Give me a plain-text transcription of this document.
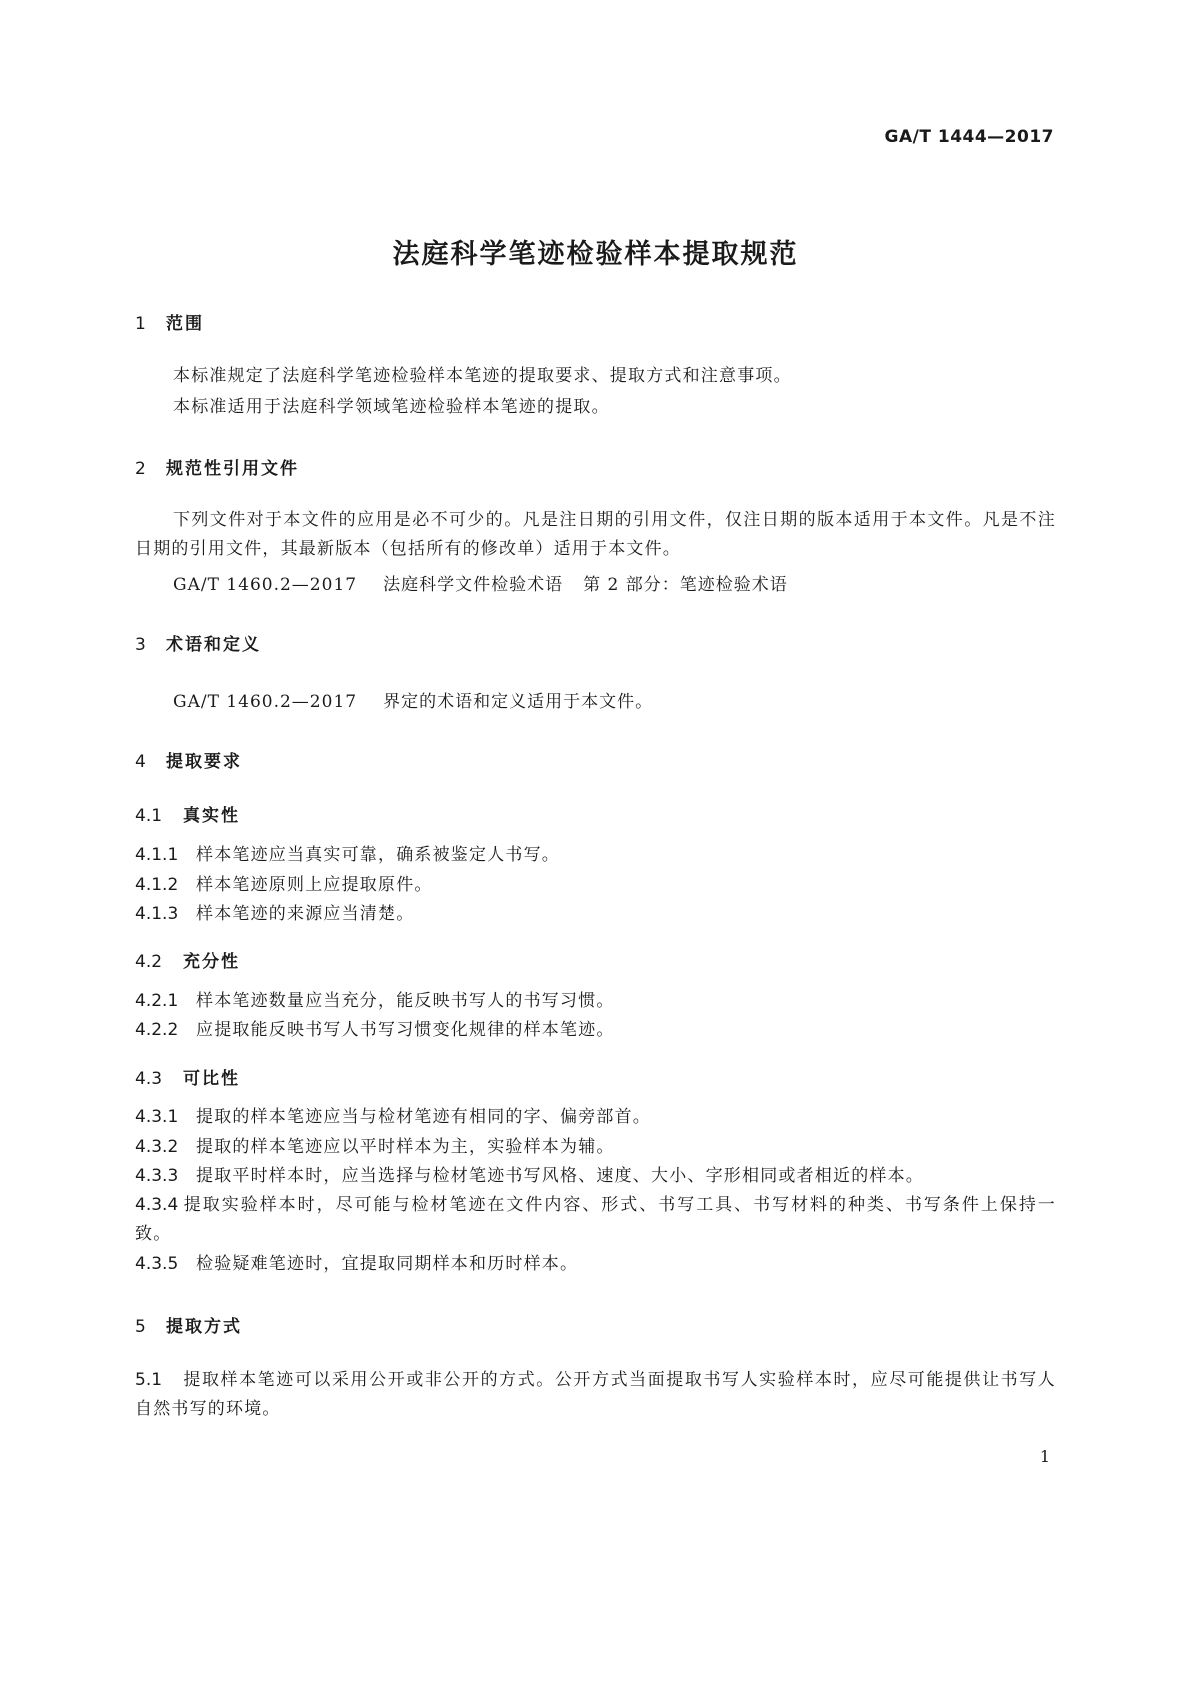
GA/T 1444—2017
法庭科学笔迹检验样本提取规范
1 范围

本标准规定了法庭科学笔迹检验样本笔迹的提取要求、提取方式和注意事项。

本标准适用于法庭科学领域笔迹检验样本笔迹的提取。

2 规范性引用文件

下列文件对于本文件的应用是必不可少的。凡是注日期的引用文件，仅注日期的版本适用于本文件。凡是不注日期的引用文件，其最新版本（包括所有的修改单）适用于本文件。

GA/T 1460.2—2017 法庭科学文件检验术语 第 2 部分：笔迹检验术语
3 术语和定义
GA/T 1460.2—2017 界定的术语和定义适用于本文件。
4 提取要求
4.1 真实性

4.1.1 样本笔迹应当真实可靠，确系被鉴定人书写。

4.1.2 样本笔迹原则上应提取原件。

4.1.3 样本笔迹的来源应当清楚。

4.2 充分性

4.2.1 样本笔迹数量应当充分，能反映书写人的书写习惯。

4.2.2 应提取能反映书写人书写习惯变化规律的样本笔迹。

4.3 可比性

4.3.1 提取的样本笔迹应当与检材笔迹有相同的字、偏旁部首。

4.3.2 提取的样本笔迹应以平时样本为主，实验样本为辅。

4.3.3 提取平时样本时，应当选择与检材笔迹书写风格、速度、大小、字形相同或者相近的样本。

4.3.4 提取实验样本时，尽可能与检材笔迹在文件内容、形式、书写工具、书写材料的种类、书写条件上保持一致。

4.3.5 检验疑难笔迹时，宜提取同期样本和历时样本。

5 提取方式

5.1 提取样本笔迹可以采用公开或非公开的方式。公开方式当面提取书写人实验样本时，应尽可能提供让书写人自然书写的环境。

1
